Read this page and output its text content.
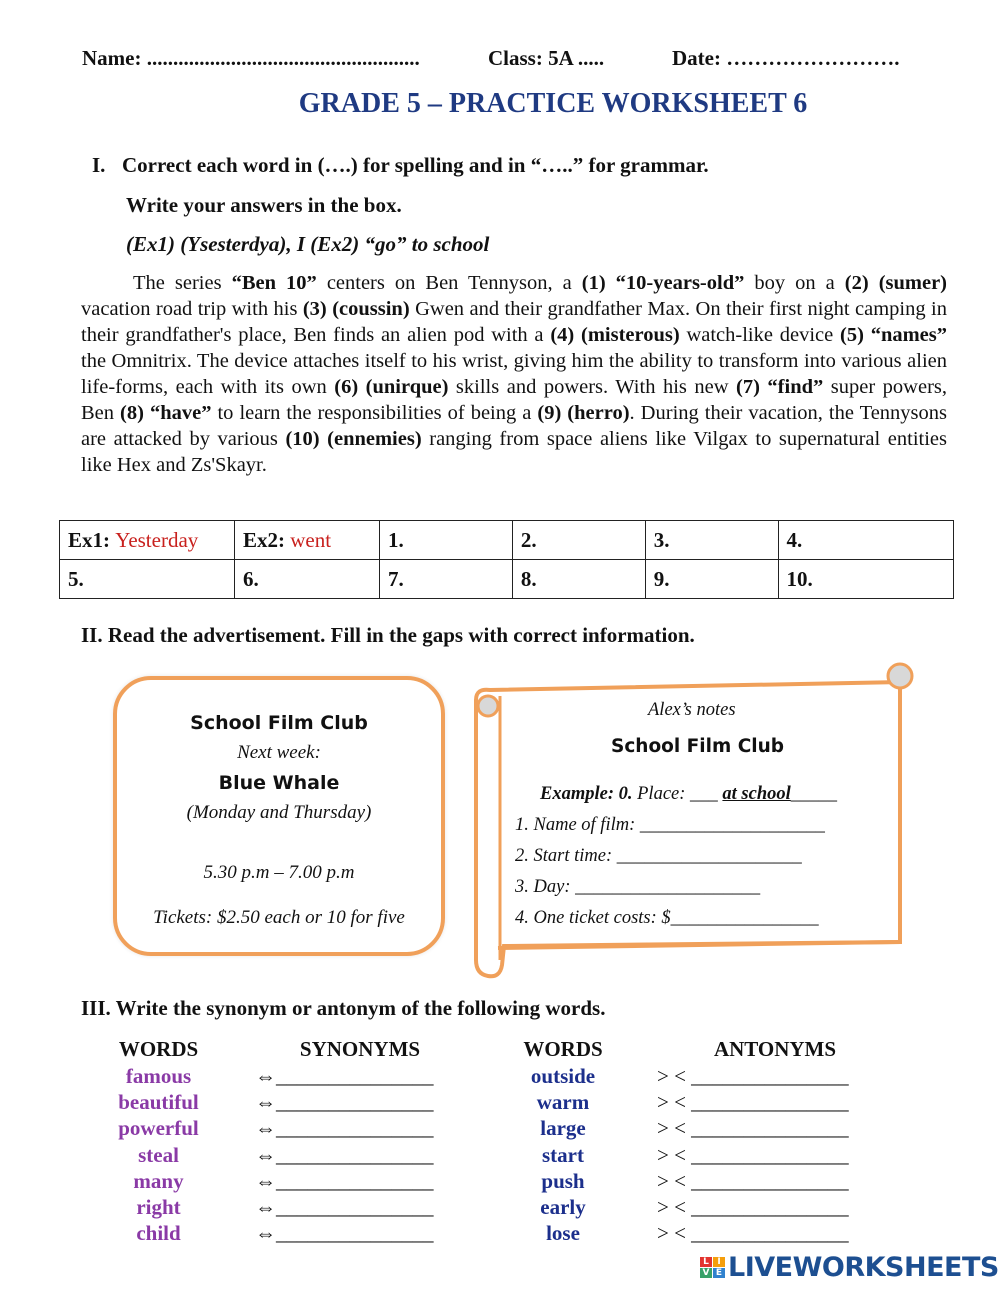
Name: ....................................................	Class: 5A .....	Date: …………………….
GRADE 5 – PRACTICE WORKSHEET 6
I. Correct each word in (….) for spelling and in “…..” for grammar.
Write your answers in the box.
(Ex1) (Ysesterdya), I (Ex2) “go” to school
The series “Ben 10” centers on Ben Tennyson, a (1) “10-years-old” boy on a (2) (sumer) vacation road trip with his (3) (coussin) Gwen and their grandfather Max. On their first night camping in their grandfather's place, Ben finds an alien pod with a (4) (misterous) watch-like device (5) “names” the Omnitrix. The device attaches itself to his wrist, giving him the ability to transform into various alien life-forms, each with its own (6) (unirque) skills and powers. With his new (7) “find” super powers, Ben (8) “have” to learn the responsibilities of being a (9) (herro). During their vacation, the Tennysons are attacked by various (10) (ennemies) ranging from space aliens like Vilgax to supernatural entities like Hex and Zs'Skayr.
Ex1: Yesterday	Ex2: went	1.	2.	3.	4.
5.	6.	7.	8.	9.	10.
II. Read the advertisement. Fill in the gaps with correct information.
School Film Club
Next week:
Blue Whale
(Monday and Thursday)
5.30 p.m – 7.00 p.m
Tickets: $2.50 each or 10 for five
Alex’s notes
School Film Club
Example: 0. Place: ___ at school_____
1. Name of film: ____________________
2. Start time: ____________________
3. Day: ____________________
4. One ticket costs: $________________
III. Write the synonym or antonym of the following words.
WORDS	SYNONYMS	WORDS	ANTONYMS
famous	⇔_______________	outside	> < _______________
beautiful	⇔_______________	warm	> < _______________
powerful	⇔_______________	large	> < _______________
steal	⇔_______________	start	> < _______________
many	⇔_______________	push	> < _______________
right	⇔_______________	early	> < _______________
child	⇔_______________	lose	> < _______________
L I
V E LIVEWORKSHEETS
